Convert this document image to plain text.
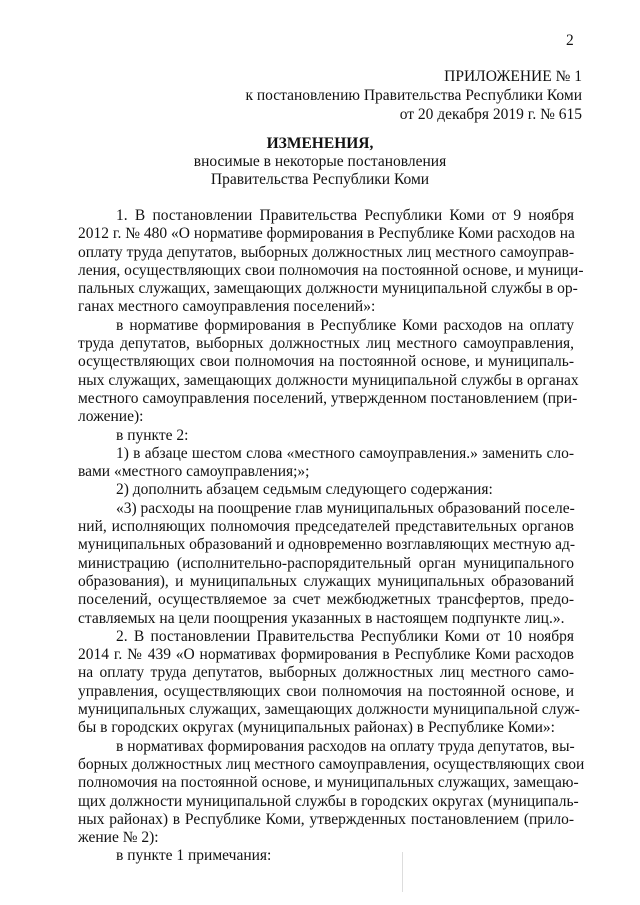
2
ПРИЛОЖЕНИЕ № 1
к постановлению Правительства Республики Коми
от 20 декабря 2019 г. № 615
ИЗМЕНЕНИЯ,
вносимые в некоторые постановления
Правительства Республики Коми
1. В постановлении Правительства Республики Коми от 9 ноября
2012 г. № 480 «О нормативе формирования в Республике Коми расходов на
оплату труда депутатов, выборных должностных лиц местного самоуправ-
ления, осуществляющих свои полномочия на постоянной основе, и муници-
пальных служащих, замещающих должности муниципальной службы в ор-
ганах местного самоуправления поселений»:
в нормативе формирования в Республике Коми расходов на оплату
труда депутатов, выборных должностных лиц местного самоуправления,
осуществляющих свои полномочия на постоянной основе, и муниципаль-
ных служащих, замещающих должности муниципальной службы в органах
местного самоуправления поселений, утвержденном постановлением (при-
ложение):
в пункте 2:
1) в абзаце шестом слова «местного самоуправления.» заменить сло-
вами «местного самоуправления;»;
2) дополнить абзацем седьмым следующего содержания:
«3) расходы на поощрение глав муниципальных образований поселе-
ний, исполняющих полномочия председателей представительных органов
муниципальных образований и одновременно возглавляющих местную ад-
министрацию (исполнительно-распорядительный орган муниципального
образования), и муниципальных служащих муниципальных образований
поселений, осуществляемое за счет межбюджетных трансфертов, предо-
ставляемых на цели поощрения указанных в настоящем подпункте лиц.».
2. В постановлении Правительства Республики Коми от 10 ноября
2014 г. № 439 «О нормативах формирования в Республике Коми расходов
на оплату труда депутатов, выборных должностных лиц местного само-
управления, осуществляющих свои полномочия на постоянной основе, и
муниципальных служащих, замещающих должности муниципальной служ-
бы в городских округах (муниципальных районах) в Республике Коми»:
в нормативах формирования расходов на оплату труда депутатов, вы-
борных должностных лиц местного самоуправления, осуществляющих свои
полномочия на постоянной основе, и муниципальных служащих, замещаю-
щих должности муниципальной службы в городских округах (муниципаль-
ных районах) в Республике Коми, утвержденных постановлением (прило-
жение № 2):
в пункте 1 примечания:
